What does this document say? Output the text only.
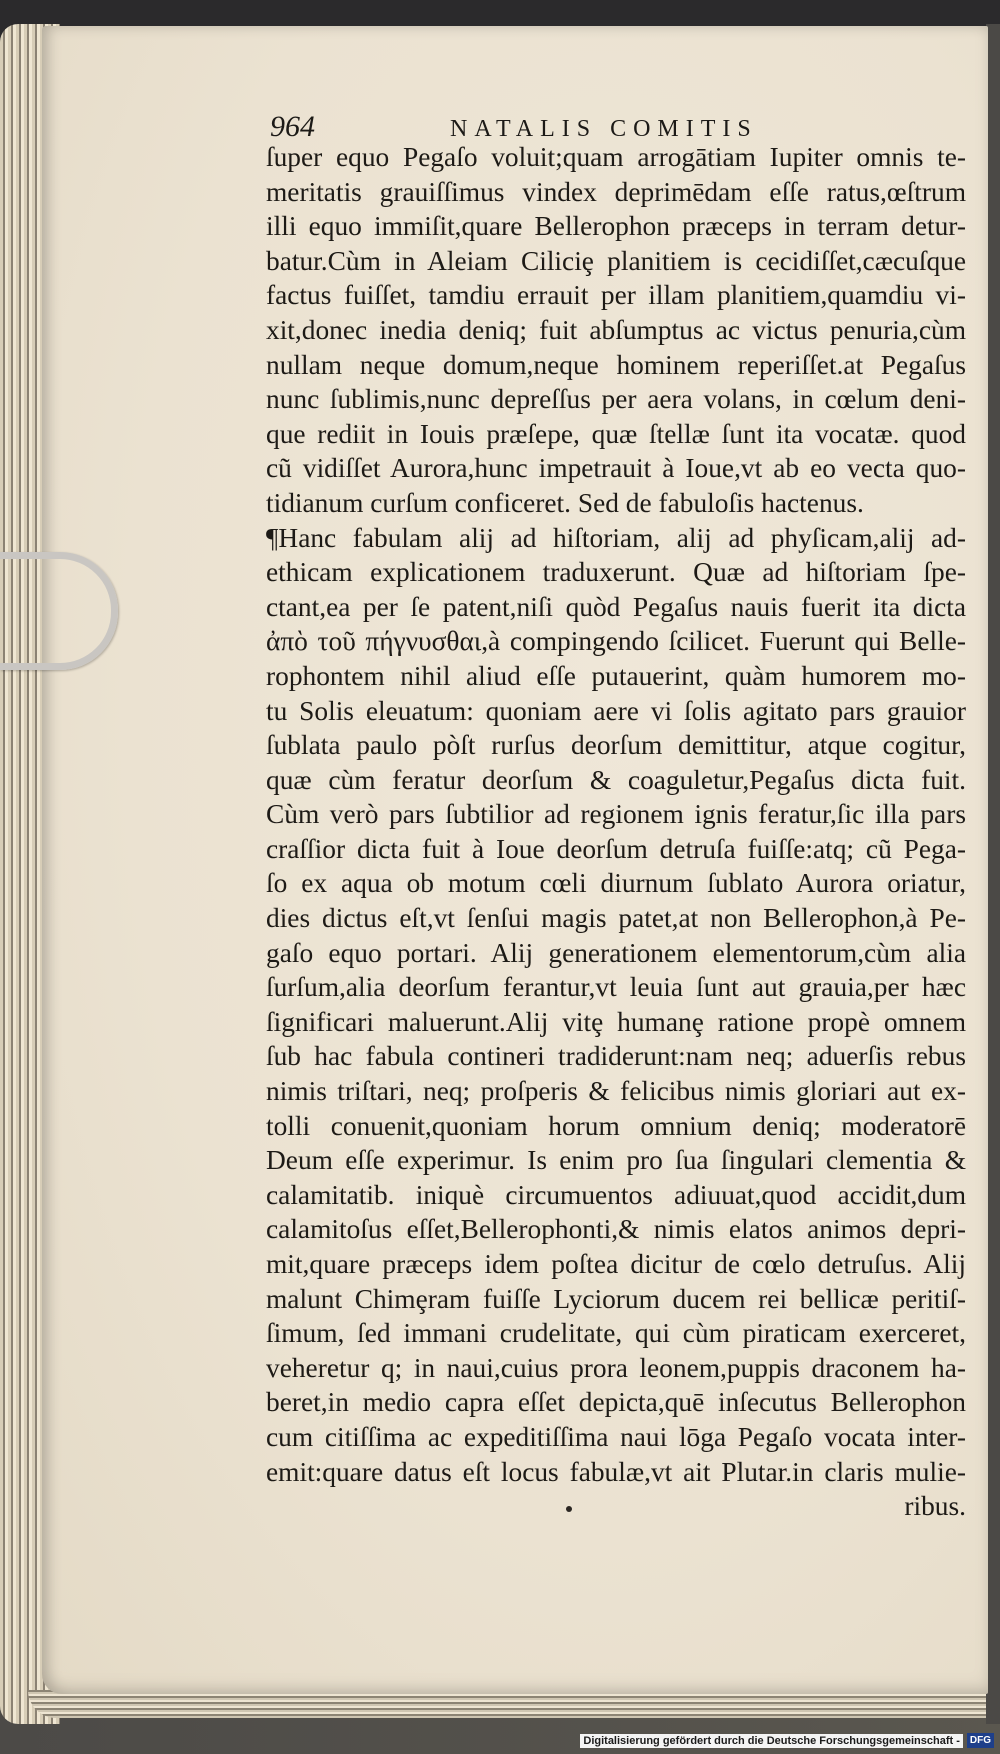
964	NATALIS COMITIS
ſuper equo Pegaſo voluit;quam arrogātiam Iupiter omnis te-
meritatis grauiſſimus vindex deprimēdam eſſe ratus,œſtrum
illi equo immiſit,quare Bellerophon præceps in terram detur-
batur.Cùm in Aleiam Ciliciȩ planitiem is cecidiſſet,cæcuſque
factus fuiſſet, tamdiu errauit per illam planitiem,quamdiu vi-
xit,donec inedia deniq; fuit abſumptus ac victus penuria,cùm
nullam neque domum,neque hominem reperiſſet.at Pegaſus
nunc ſublimis,nunc depreſſus per aera volans, in cœlum deni-
que rediit in Iouis præſepe, quæ ſtellæ ſunt ita vocatæ. quod
cũ vidiſſet Aurora,hunc impetrauit à Ioue,vt ab eo vecta quo-
tidianum curſum conficeret. Sed de fabuloſis hactenus.
¶Hanc fabulam alij ad hiſtoriam, alij ad phyſicam,alij ad-
ethicam explicationem traduxerunt. Quæ ad hiſtoriam ſpe-
ctant,ea per ſe patent,niſi quòd Pegaſus nauis fuerit ita dicta
ἀπὸ τοῦ πήγνυσθαι,à compingendo ſcilicet. Fuerunt qui Belle-
rophontem nihil aliud eſſe putauerint, quàm humorem mo-
tu Solis eleuatum: quoniam aere vi ſolis agitato pars grauior
ſublata paulo pòſt rurſus deorſum demittitur, atque cogitur,
quæ cùm feratur deorſum & coaguletur,Pegaſus dicta fuit.
Cùm verò pars ſubtilior ad regionem ignis feratur,ſic illa pars
craſſior dicta fuit à Ioue deorſum detruſa fuiſſe:atq; cũ Pega-
ſo ex aqua ob motum cœli diurnum ſublato Aurora oriatur,
dies dictus eſt,vt ſenſui magis patet,at non Bellerophon,à Pe-
gaſo equo portari. Alij generationem elementorum,cùm alia
ſurſum,alia deorſum ferantur,vt leuia ſunt aut grauia,per hæc
ſignificari maluerunt.Alij vitȩ humanȩ ratione propè omnem
ſub hac fabula contineri tradiderunt:nam neq; aduerſis rebus
nimis triſtari, neq; proſperis & felicibus nimis gloriari aut ex-
tolli conuenit,quoniam horum omnium deniq; moderatorē
Deum eſſe experimur. Is enim pro ſua ſingulari clementia &
calamitatib. iniquè circumuentos adiuuat,quod accidit,dum
calamitoſus eſſet,Bellerophonti,& nimis elatos animos depri-
mit,quare præceps idem poſtea dicitur de cœlo detruſus. Alij
malunt Chimȩram fuiſſe Lyciorum ducem rei bellicæ peritiſ-
ſimum, ſed immani crudelitate, qui cùm piraticam exerceret,
veheretur q; in naui,cuius prora leonem,puppis draconem ha-
beret,in medio capra eſſet depicta,quē inſecutus Bellerophon
cum citiſſima ac expeditiſſima naui lōga Pegaſo vocata inter-
emit:quare datus eſt locus fabulæ,vt ait Plutar.in claris mulie-
ribus.
Digitalisierung gefördert durch die Deutsche Forschungsgemeinschaft -	DFG
